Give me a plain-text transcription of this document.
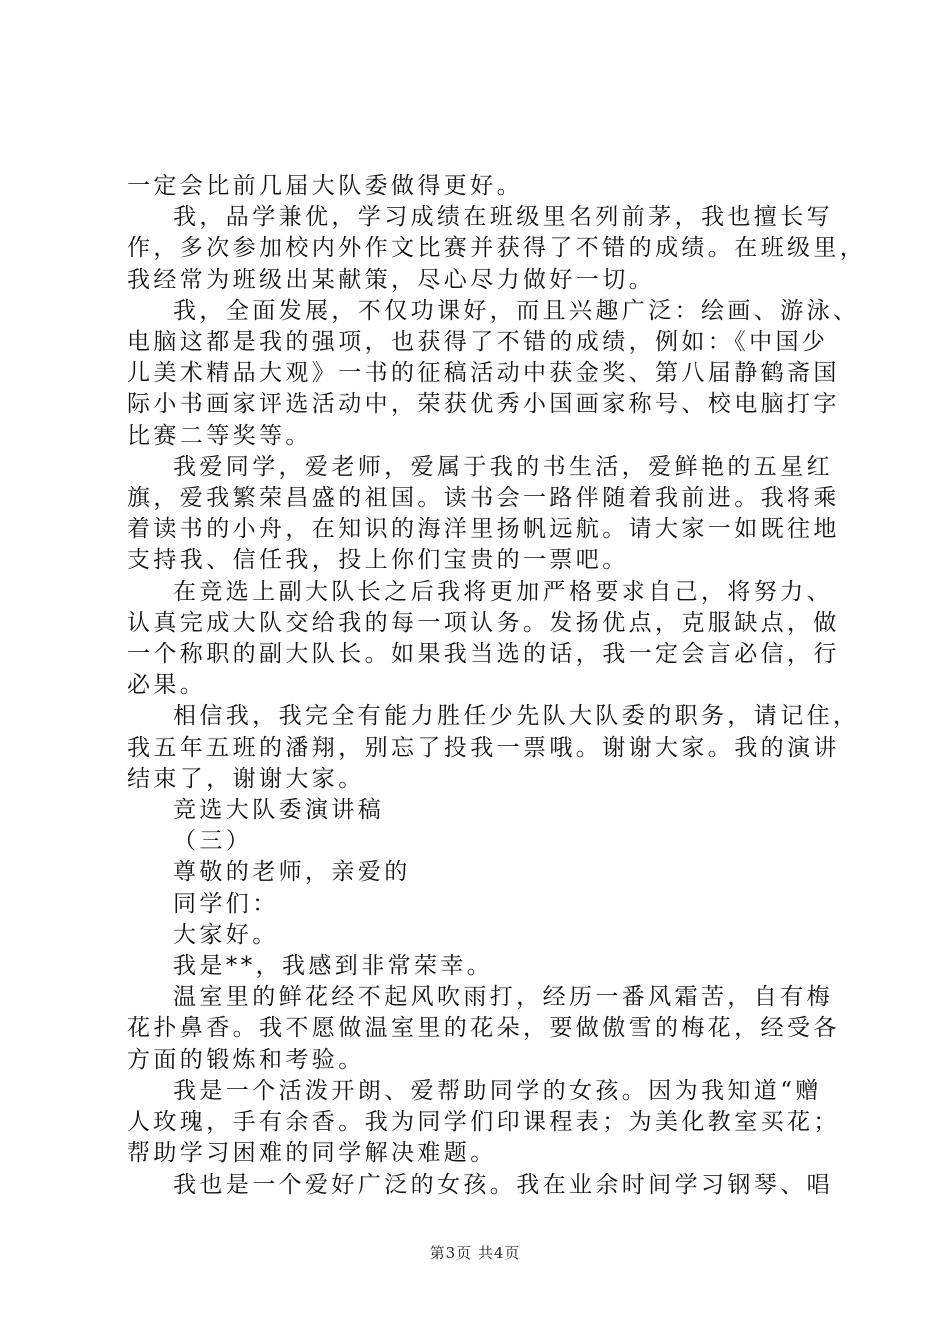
一定会比前几届大队委做得更好。

我，品学兼优，学习成绩在班级里名列前茅，我也擅长写
作，多次参加校内外作文比赛并获得了不错的成绩。在班级里，
我经常为班级出某献策，尽心尽力做好一切。

我，全面发展，不仅功课好，而且兴趣广泛：绘画、游泳、
电脑这都是我的强项，也获得了不错的成绩，例如：《中国少
儿美术精品大观》一书的征稿活动中获金奖、第八届静鹤斋国
际小书画家评选活动中，荣获优秀小国画家称号、校电脑打字
比赛二等奖等。

我爱同学，爱老师，爱属于我的书生活，爱鲜艳的五星红
旗，爱我繁荣昌盛的祖国。读书会一路伴随着我前进。我将乘
着读书的小舟，在知识的海洋里扬帆远航。请大家一如既往地
支持我、信任我，投上你们宝贵的一票吧。

在竞选上副大队长之后我将更加严格要求自己，将努力、
认真完成大队交给我的每一项认务。发扬优点，克服缺点，做
一个称职的副大队长。如果我当选的话，我一定会言必信，行
必果。

相信我，我完全有能力胜任少先队大队委的职务，请记住，
我五年五班的潘翔，别忘了投我一票哦。谢谢大家。我的演讲
结束了，谢谢大家。

竞选大队委演讲稿

（三）

尊敬的老师，亲爱的

同学们：

大家好。

我是**，我感到非常荣幸。

温室里的鲜花经不起风吹雨打，经历一番风霜苦，自有梅
花扑鼻香。我不愿做温室里的花朵，要做傲雪的梅花，经受各
方面的锻炼和考验。

我是一个活泼开朗、爱帮助同学的女孩。因为我知道“赠
人玫瑰，手有余香。我为同学们印课程表；为美化教室买花；
帮助学习困难的同学解决难题。

我也是一个爱好广泛的女孩。我在业余时间学习钢琴、唱

第3页 共4页
